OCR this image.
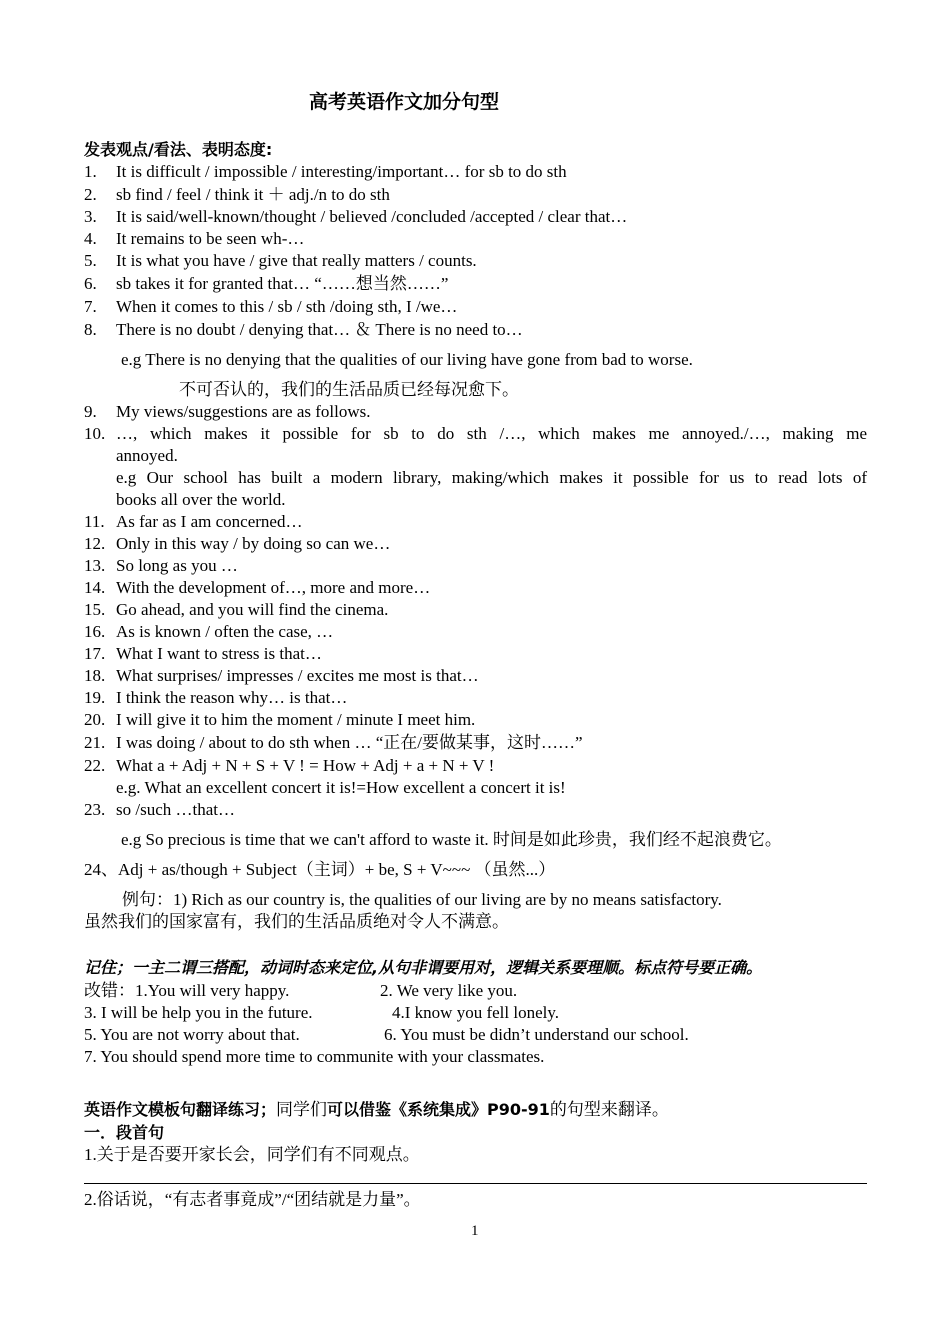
高考英语作文加分句型
发表观点/看法、表明态度:
1. It is difficult / impossible / interesting/important… for sb to do sth
2. sb find / feel / think it ＋ adj./n to do sth
3. It is said/well-known/thought / believed /concluded /accepted / clear that…
4. It remains to be seen wh-…
5. It is what you have / give that really matters / counts.
6. sb takes it for granted that… “……想当然……”
7. When it comes to this / sb / sth /doing sth, I /we…
8. There is no doubt / denying that… ＆ There is no need to…
e.g There is no denying that the qualities of our living have gone from bad to worse.
不可否认的，我们的生活品质已经每况愈下。
9. My views/suggestions are as follows.
10. …, which makes it possible for sb to do sth /…, which makes me annoyed./…, making me
annoyed.
e.g Our school has built a modern library, making/which makes it possible for us to read lots of
books all over the world.
11. As far as I am concerned…
12. Only in this way / by doing so can we…
13. So long as you …
14. With the development of…, more and more…
15. Go ahead, and you will find the cinema.
16. As is known / often the case, …
17. What I want to stress is that…
18. What surprises/ impresses / excites me most is that…
19. I think the reason why… is that…
20. I will give it to him the moment / minute I meet him.
21. I was doing / about to do sth when … “正在/要做某事，这时……”
22. What a + Adj + N + S + V ! = How + Adj + a + N + V !
e.g. What an excellent concert it is!=How excellent a concert it is!
23. so /such …that…
e.g So precious is time that we can't afford to waste it. 时间是如此珍贵，我们经不起浪费它。
24、Adj + as/though + Subject（主词）+ be, S + V~~~ （虽然...）
例句：1) Rich as our country is, the qualities of our living are by no means satisfactory.
虽然我们的国家富有，我们的生活品质绝对令人不满意。
记住；一主二谓三搭配，动词时态来定位,从句非谓要用对，逻辑关系要理顺。标点符号要正确。
改错：1.You will very happy.	2. We very like you.
3. I will be help you in the future.	4.I know you fell lonely.
5. You are not worry about that.	6. You must be didn’t understand our school.
7. You should spend more time to communite with your classmates.
英语作文模板句翻译练习；同学们可以借鉴《系统集成》P90-91的句型来翻译。
一．段首句
1.关于是否要开家长会，同学们有不同观点。
2.俗话说，“有志者事竟成”/“团结就是力量”。
1
